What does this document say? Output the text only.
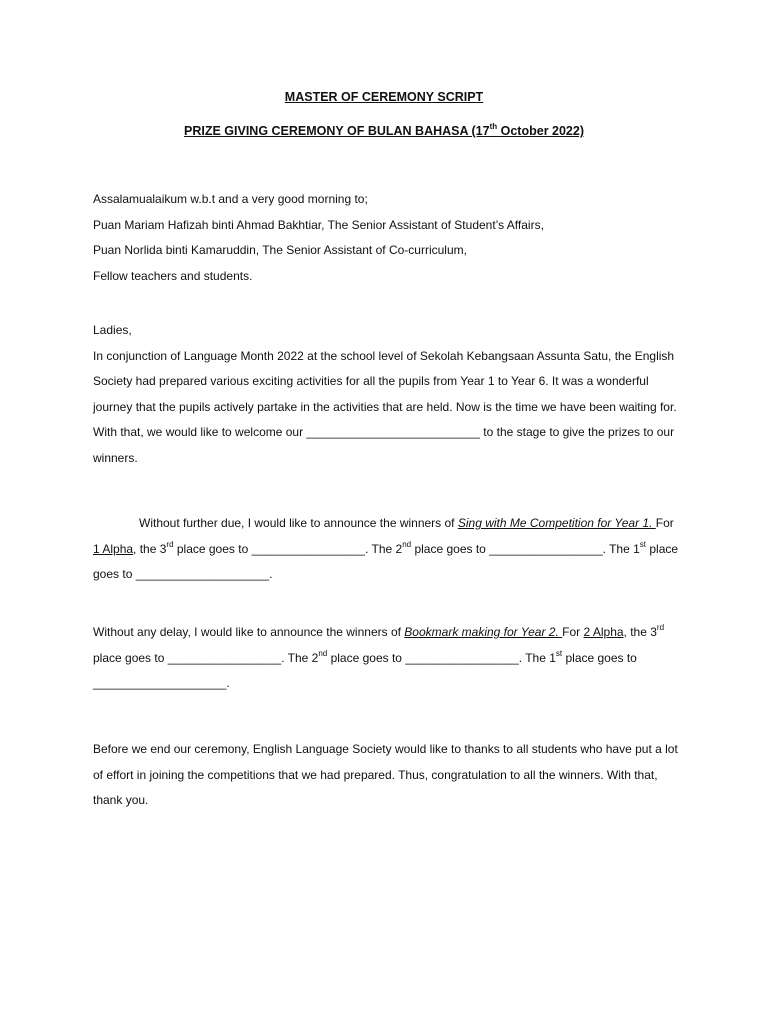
MASTER OF CEREMONY SCRIPT

PRIZE GIVING CEREMONY OF BULAN BAHASA (17th October 2022)

Assalamualaikum w.b.t and a very good morning to;
Puan Mariam Hafizah binti Ahmad Bakhtiar, The Senior Assistant of Student’s Affairs,
Puan Norlida binti Kamaruddin, The Senior Assistant of Co-curriculum,
Fellow teachers and students.
Ladies,
In conjunction of Language Month 2022 at the school level of Sekolah Kebangsaan Assunta Satu, the English Society had prepared various exciting activities for all the pupils from Year 1 to Year 6. It was a wonderful journey that the pupils actively partake in the activities that are held. Now is the time we have been waiting for. With that, we would like to welcome our __________________________ to the stage to give the prizes to our winners.

Without further due, I would like to announce the winners of Sing with Me Competition for Year 1. For 1 Alpha, the 3rd place goes to _________________. The 2nd place goes to _________________. The 1st place goes to ____________________.

Without any delay, I would like to announce the winners of Bookmark making for Year 2. For 2 Alpha, the 3rd place goes to _________________. The 2nd place goes to _________________. The 1st place goes to ____________________.

Before we end our ceremony, English Language Society would like to thanks to all students who have put a lot of effort in joining the competitions that we had prepared. Thus, congratulation to all the winners. With that, thank you.
